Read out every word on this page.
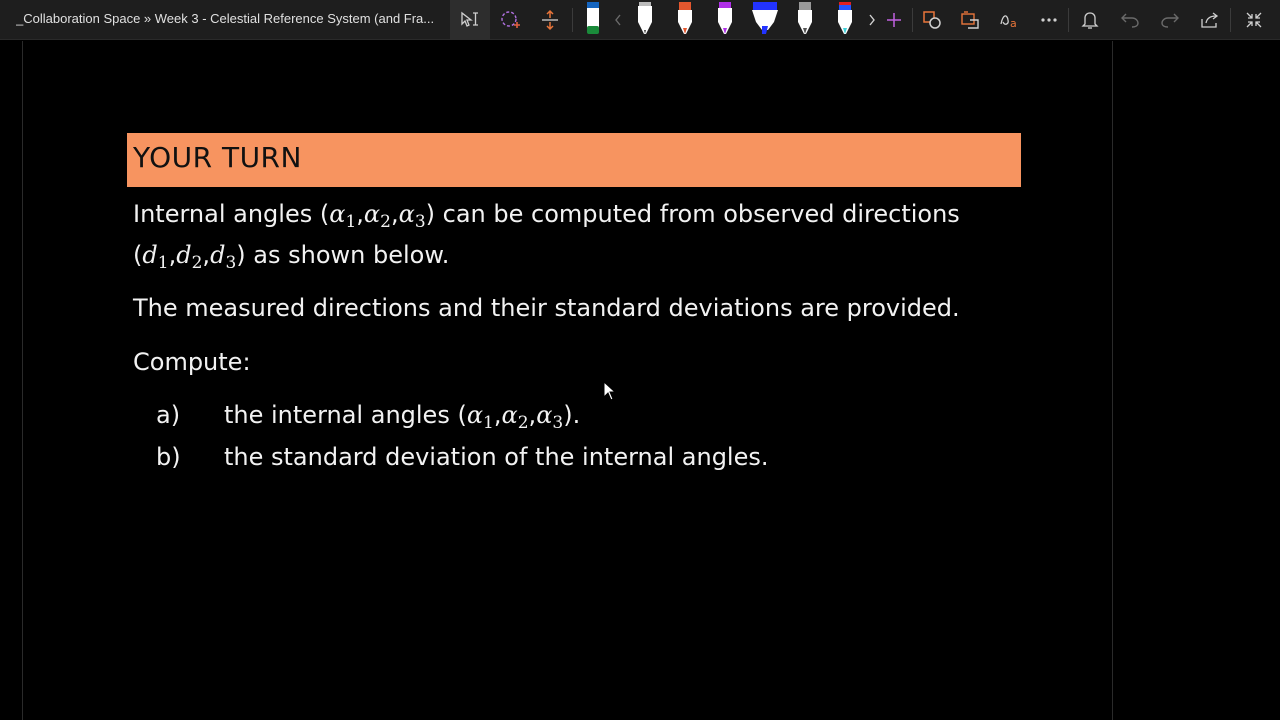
_Collaboration Space » Week 3 - Celestial Reference System (and Fra...	a
YOUR TURN
Internal angles $(\alpha_1,\alpha_2,\alpha_3)$ can be computed from observed directions
$(d_1,d_2,d_3)$ as shown below.
The measured directions and their standard deviations are provided.
Compute:
a) the internal angles $(\alpha_1,\alpha_2,\alpha_3)$.
b) the standard deviation of the internal angles.
